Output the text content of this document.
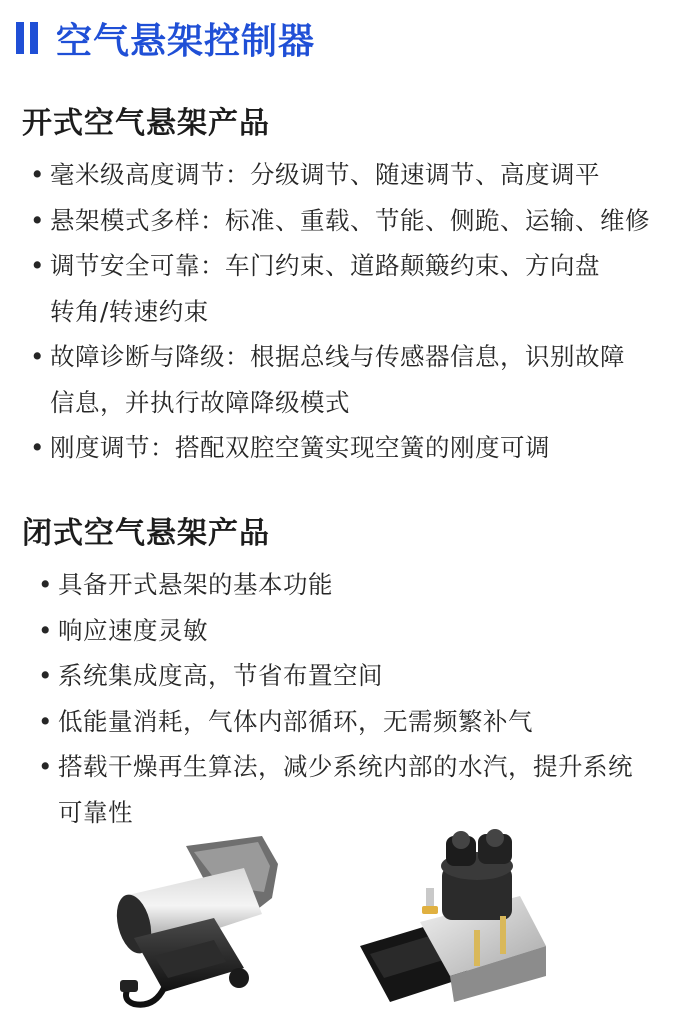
空气悬架控制器
开式空气悬架产品
• 毫米级高度调节：分级调节、随速调节、高度调平
• 悬架模式多样：标准、重载、节能、侧跪、运输、维修
• 调节安全可靠：车门约束、道路颠簸约束、方向盘转角/转速约束
• 故障诊断与降级：根据总线与传感器信息，识别故障信息，并执行故障降级模式
• 刚度调节：搭配双腔空簧实现空簧的刚度可调
闭式空气悬架产品
• 具备开式悬架的基本功能
• 响应速度灵敏
• 系统集成度高，节省布置空间
• 低能量消耗，气体内部循环，无需频繁补气
• 搭载干燥再生算法，减少系统内部的水汽，提升系统可靠性
